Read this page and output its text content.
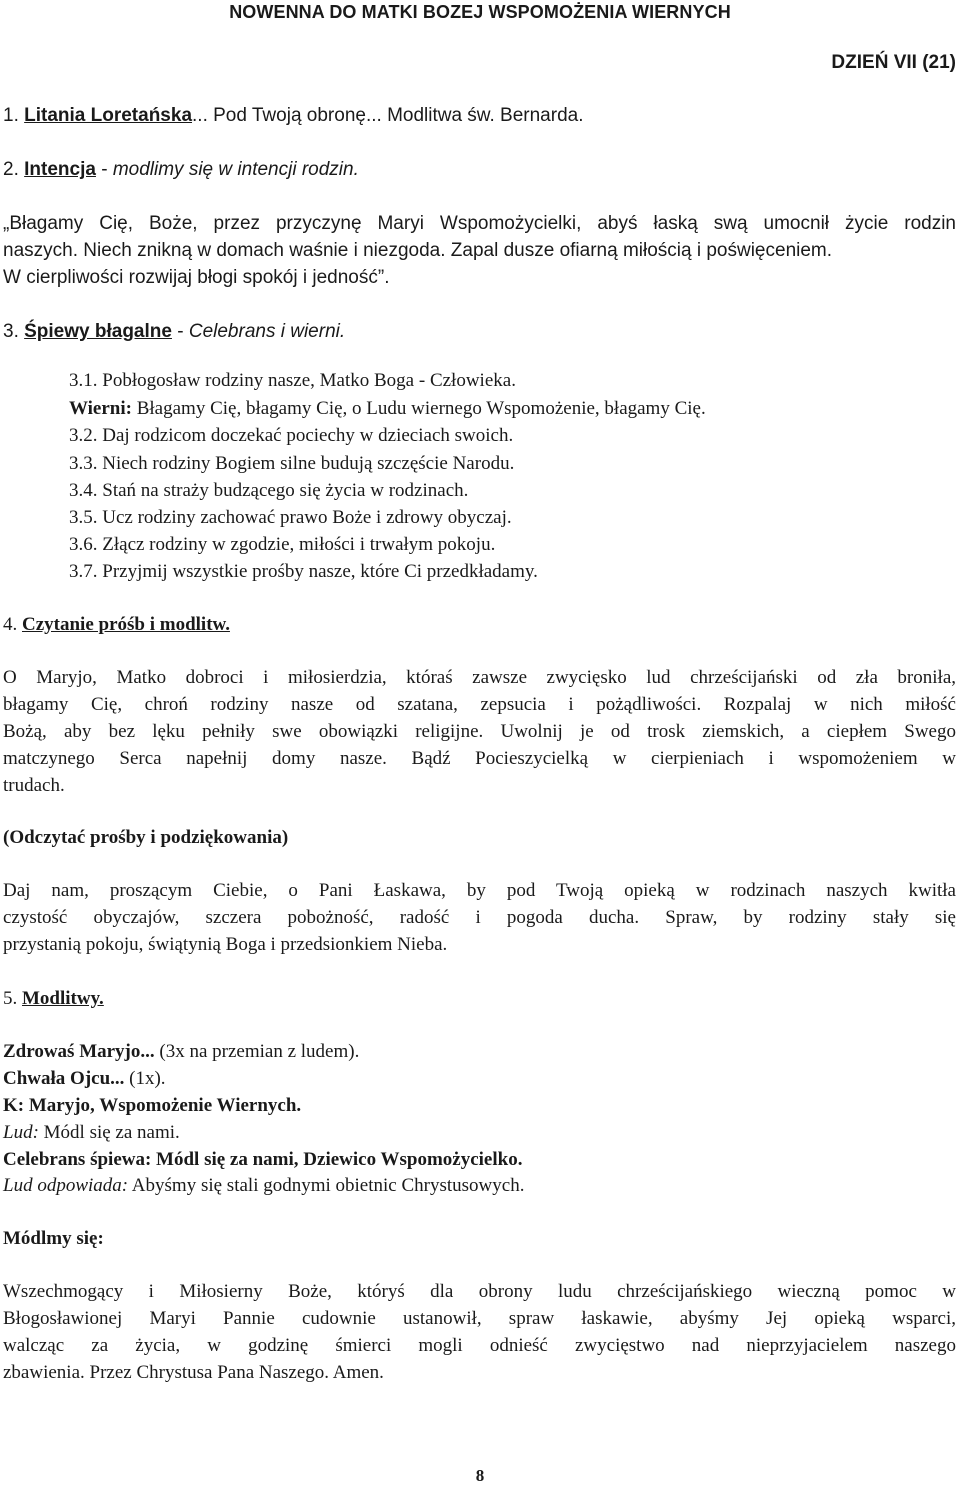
NOWENNA DO MATKI BOZEJ WSPOMOŻENIA WIERNYCH
DZIEŃ VII (21)
1. Litania Loretańska... Pod Twoją obronę... Modlitwa św. Bernarda.
2. Intencja - modlimy się w intencji rodzin.
„Błagamy Cię, Boże, przez przyczynę Maryi Wspomożycielki, abyś łaską swą umocnił życie rodzin
naszych. Niech znikną w domach waśnie i niezgoda. Zapal dusze ofiarną miłością i poświęceniem.
W cierpliwości rozwijaj błogi spokój i jedność”.
3. Śpiewy błagalne - Celebrans i wierni.
3.1. Pobłogosław rodziny nasze, Matko Boga - Człowieka.
Wierni: Błagamy Cię, błagamy Cię, o Ludu wiernego Wspomożenie, błagamy Cię.
3.2. Daj rodzicom doczekać pociechy w dzieciach swoich.
3.3. Niech rodziny Bogiem silne budują szczęście Narodu.
3.4. Stań na straży budzącego się życia w rodzinach.
3.5. Ucz rodziny zachować prawo Boże i zdrowy obyczaj.
3.6. Złącz rodziny w zgodzie, miłości i trwałym pokoju.
3.7. Przyjmij wszystkie prośby nasze, które Ci przedkładamy.
4. Czytanie próśb i modlitw.
O Maryjo, Matko dobroci i miłosierdzia, któraś zawsze zwycięsko lud chrześcijański od zła broniła,
błagamy Cię, chroń rodziny nasze od szatana, zepsucia i pożądliwości. Rozpalaj w nich miłość
Bożą, aby bez lęku pełniły swe obowiązki religijne. Uwolnij je od trosk ziemskich, a ciepłem Swego
matczynego Serca napełnij domy nasze. Bądź Pocieszycielką w cierpieniach i wspomożeniem w
trudach.
(Odczytać prośby i podziękowania)
Daj nam, proszącym Ciebie, o Pani Łaskawa, by pod Twoją opieką w rodzinach naszych kwitła
czystość obyczajów, szczera pobożność, radość i pogoda ducha. Spraw, by rodziny stały się
przystanią pokoju, świątynią Boga i przedsionkiem Nieba.
5. Modlitwy.
Zdrowaś Maryjo... (3x na przemian z ludem).
Chwała Ojcu... (1x).
K: Maryjo, Wspomożenie Wiernych.
Lud: Módl się za nami.
Celebrans śpiewa: Módl się za nami, Dziewico Wspomożycielko.
Lud odpowiada: Abyśmy się stali godnymi obietnic Chrystusowych.
Módlmy się:
Wszechmogący i Miłosierny Boże, któryś dla obrony ludu chrześcijańskiego wieczną pomoc w
Błogosławionej Maryi Pannie cudownie ustanowił, spraw łaskawie, abyśmy Jej opieką wsparci,
walcząc za życia, w godzinę śmierci mogli odnieść zwycięstwo nad nieprzyjacielem naszego
zbawienia. Przez Chrystusa Pana Naszego. Amen.
8
